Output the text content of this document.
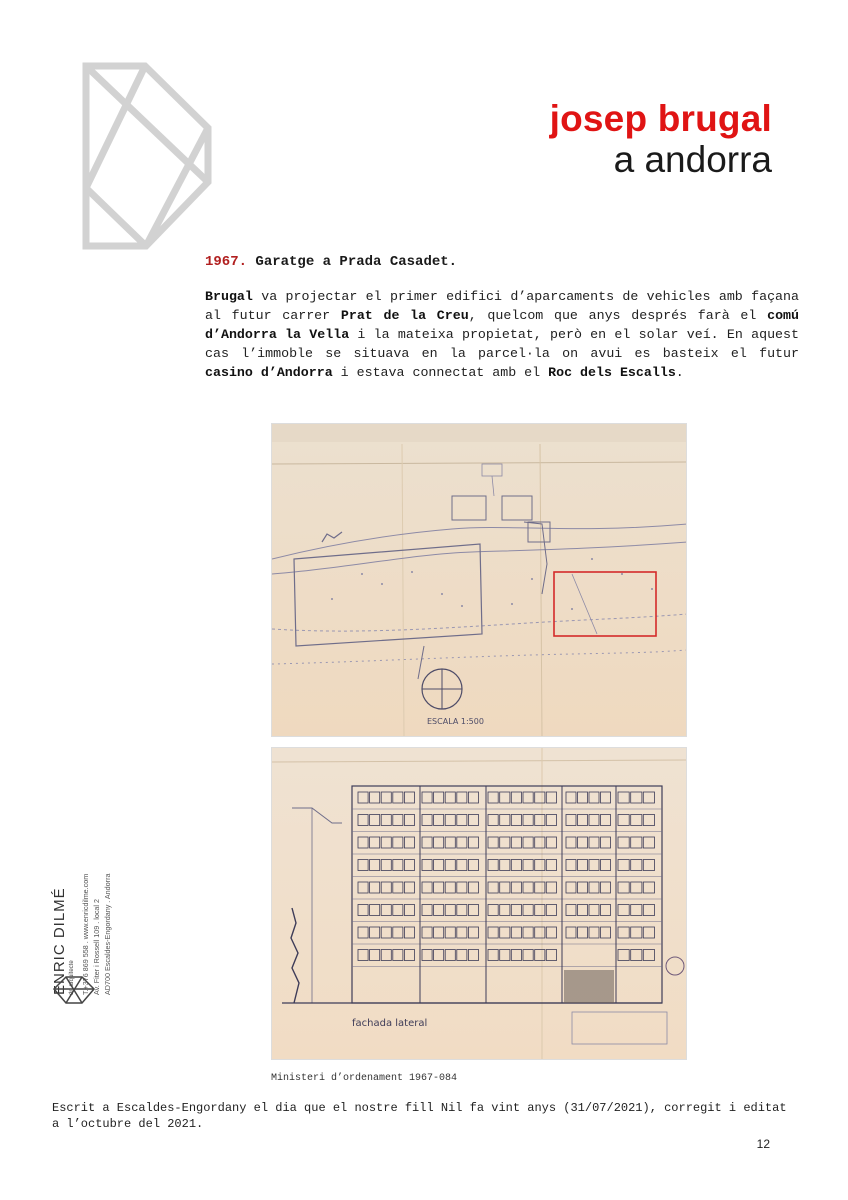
josep brugal
a andorra
1967. Garatge a Prada Casadet.
Brugal va projectar el primer edifici d’aparcaments de vehicles amb façana al futur carrer Prat de la Creu, quelcom que anys després farà el comú d’Andorra la Vella i la mateixa propietat, però en el solar veí. En aquest cas l’immoble se situava en la parcel·la on avui es basteix el futur casino d’Andorra i estava connectat amb el Roc dels Escalls.
ESCALA 1:500
fachada lateral
Ministeri d’ordenament 1967-084
ENRIC DILMÉ dr. arquitecte T.+376 869 558 . www.enricdilme.com Av. Fiter i Rossell 109 . local 2 AD700 Escaldes-Engordany . Andorra
Escrit a Escaldes-Engordany el dia que el nostre fill Nil fa vint anys (31/07/2021), corregit i editat a l’octubre del 2021.
12
